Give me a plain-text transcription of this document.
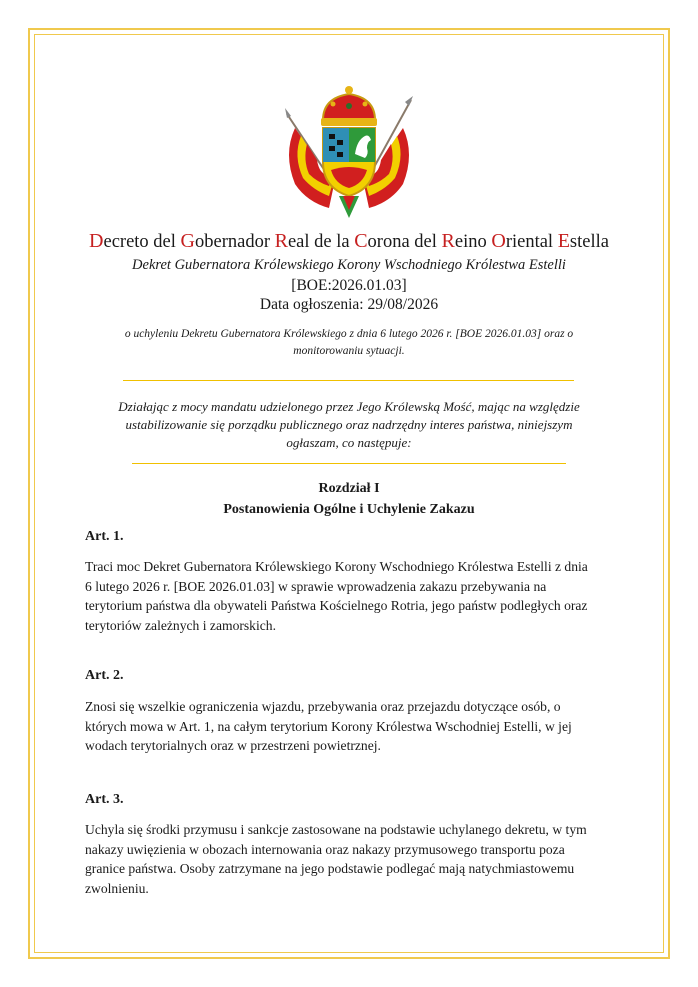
Decreto del Gobernador Real de la Corona del Reino Oriental Estella
Dekret Gubernatora Królewskiego Korony Wschodniego Królestwa Estelli
[BOE:2026.01.03]
Data ogłoszenia: 29/08/2026
o uchyleniu Dekretu Gubernatora Królewskiego z dnia 6 lutego 2026 r. [BOE 2026.01.03] oraz o monitorowaniu sytuacji.
Działając z mocy mandatu udzielonego przez Jego Królewską Mość, mając na względzie ustabilizowanie się porządku publicznego oraz nadrzędny interes państwa, niniejszym ogłaszam, co następuje:
Rozdział I
Postanowienia Ogólne i Uchylenie Zakazu
Art. 1.
Traci moc Dekret Gubernatora Królewskiego Korony Wschodniego Królestwa Estelli z dnia
6 lutego 2026 r. [BOE 2026.01.03] w sprawie wprowadzenia zakazu przebywania na
terytorium państwa dla obywateli Państwa Kościelnego Rotria, jego państw podległych oraz
terytoriów zależnych i zamorskich.
Art. 2.
Znosi się wszelkie ograniczenia wjazdu, przebywania oraz przejazdu dotyczące osób, o
których mowa w Art. 1, na całym terytorium Korony Królestwa Wschodniej Estelli, w jej
wodach terytorialnych oraz w przestrzeni powietrznej.
Art. 3.
Uchyla się środki przymusu i sankcje zastosowane na podstawie uchylanego dekretu, w tym
nakazy uwięzienia w obozach internowania oraz nakazy przymusowego transportu poza
granice państwa. Osoby zatrzymane na jego podstawie podlegać mają natychmiastowemu
zwolnieniu.
